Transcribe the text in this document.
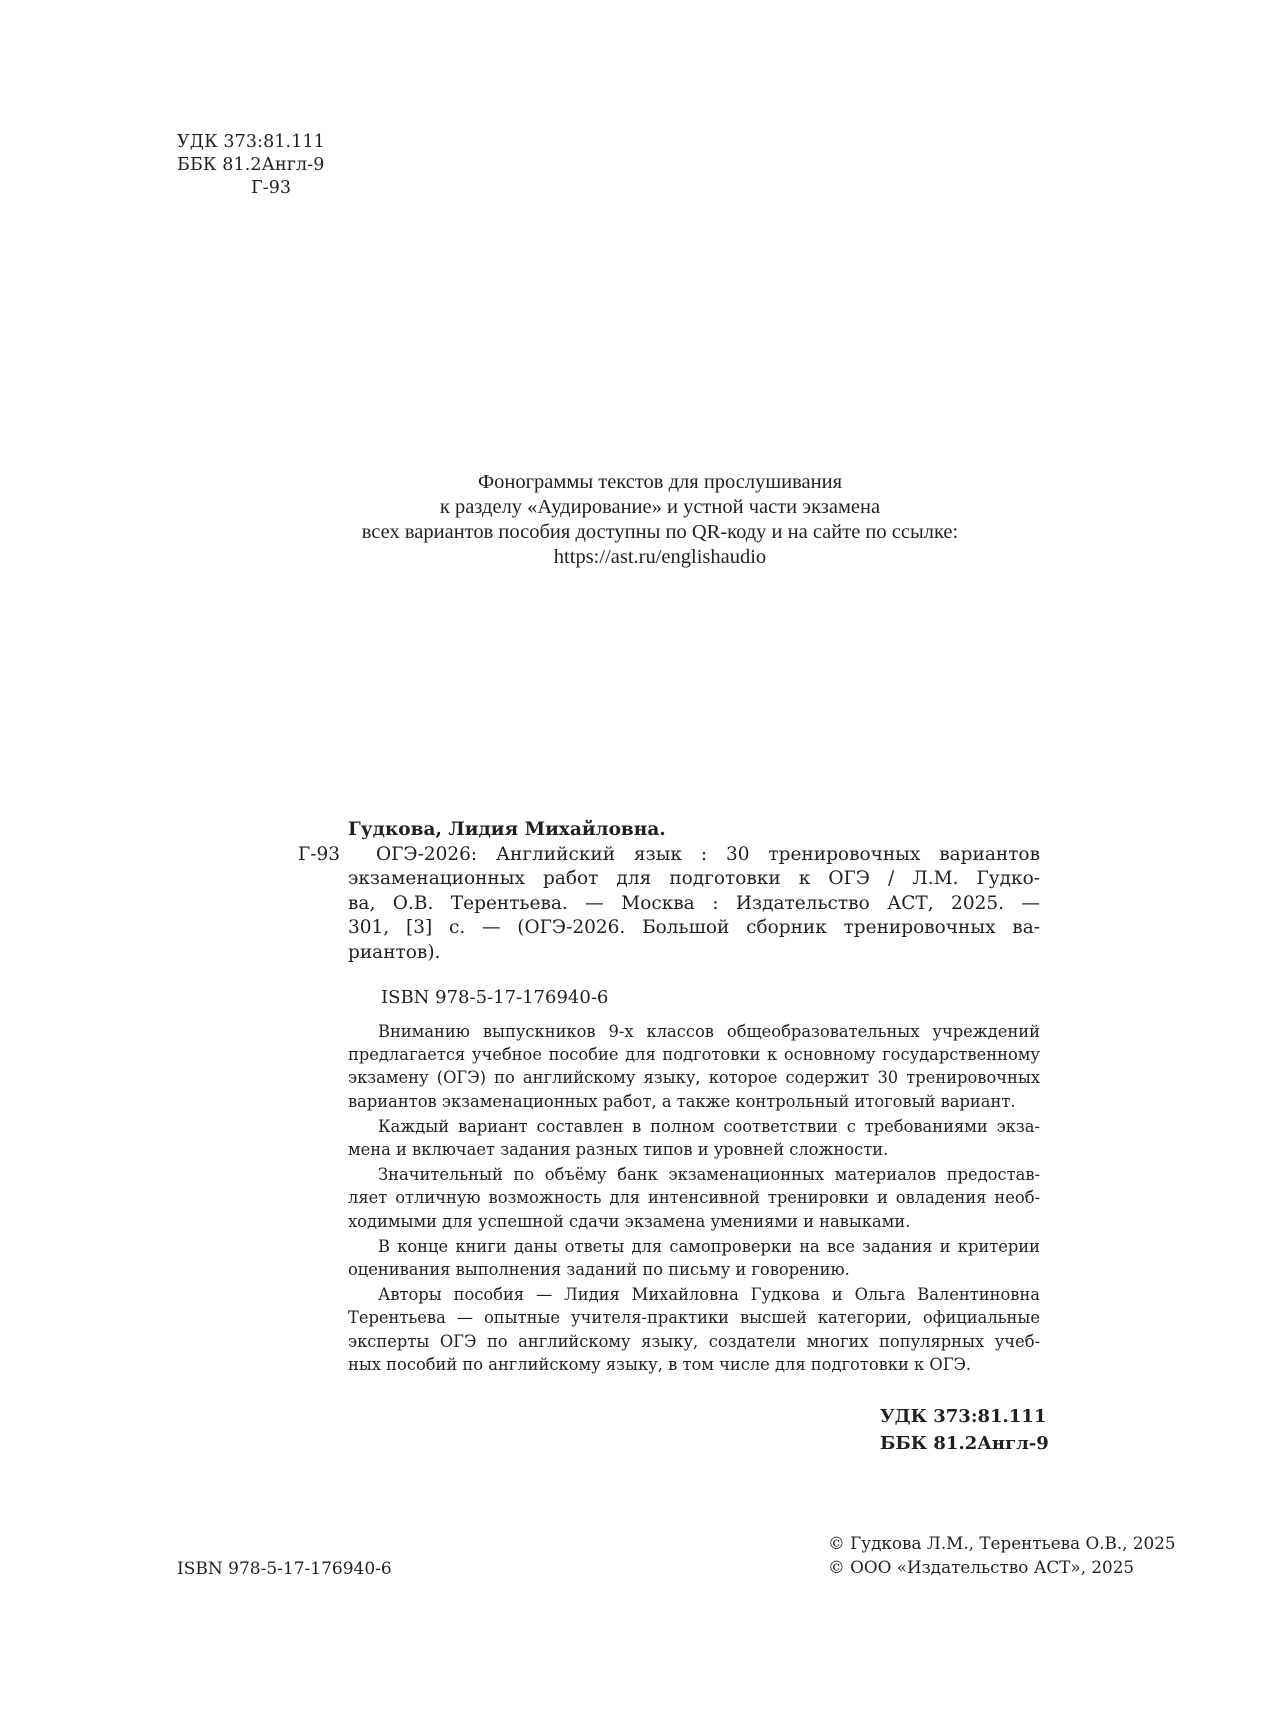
УДК 373:81.111
ББК 81.2Англ-9
Г-93
Фонограммы текстов для прослушивания
к разделу «Аудирование» и устной части экзамена
всех вариантов пособия доступны по QR-коду и на сайте по ссылке:
https://ast.ru/englishaudio
Гудкова, Лидия Михайловна.
Г-93	ОГЭ-2026: Английский язык : 30 тренировочных вариантов
экзаменационных работ для подготовки к ОГЭ / Л.М. Гудко-
ва, О.В. Терентьева. — Москва : Издательство АСТ, 2025. —
301, [3] с. — (ОГЭ-2026. Большой сборник тренировочных ва-
риантов).
ISBN 978-5-17-176940-6
Вниманию выпускников 9-х классов общеобразовательных учреждений
предлагается учебное пособие для подготовки к основному государственному
экзамену (ОГЭ) по английскому языку, которое содержит 30 тренировочных
вариантов экзаменационных работ, а также контрольный итоговый вариант.
Каждый вариант составлен в полном соответствии с требованиями экза-
мена и включает задания разных типов и уровней сложности.
Значительный по объёму банк экзаменационных материалов предостав-
ляет отличную возможность для интенсивной тренировки и овладения необ-
ходимыми для успешной сдачи экзамена умениями и навыками.
В конце книги даны ответы для самопроверки на все задания и критерии
оценивания выполнения заданий по письму и говорению.
Авторы пособия — Лидия Михайловна Гудкова и Ольга Валентиновна
Терентьева — опытные учителя-практики высшей категории, официальные
эксперты ОГЭ по английскому языку, создатели многих популярных учеб-
ных пособий по английскому языку, в том числе для подготовки к ОГЭ.
УДК 373:81.111
ББК 81.2Англ-9
© Гудкова Л.М., Терентьева О.В., 2025
© ООО «Издательство АСТ», 2025
ISBN 978-5-17-176940-6
